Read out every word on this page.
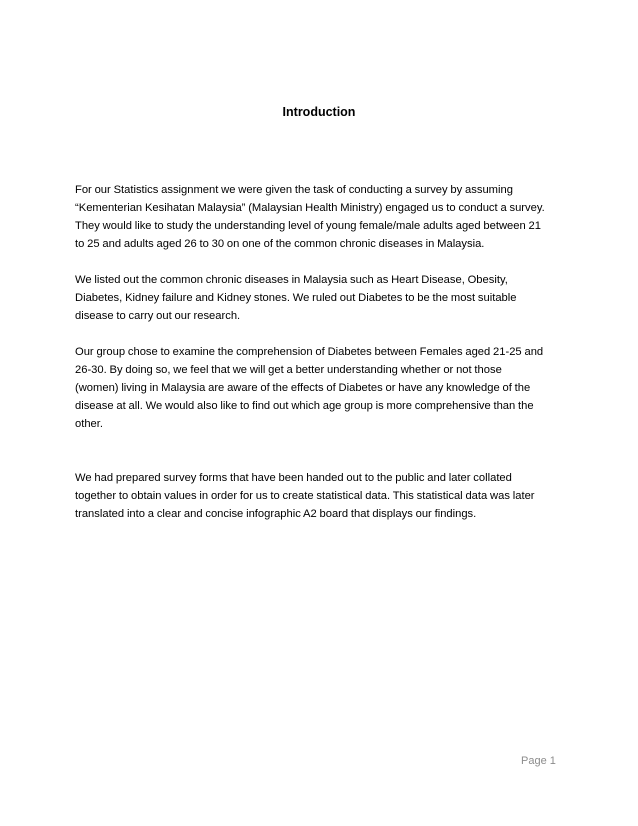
Introduction

For our Statistics assignment we were given the task of conducting a survey by assuming
“Kementerian Kesihatan Malaysia” (Malaysian Health Ministry) engaged us to conduct a survey.
They would like to study the understanding level of young female/male adults aged between 21
to 25 and adults aged 26 to 30 on one of the common chronic diseases in Malaysia.

We listed out the common chronic diseases in Malaysia such as Heart Disease, Obesity,
Diabetes, Kidney failure and Kidney stones. We ruled out Diabetes to be the most suitable
disease to carry out our research.

Our group chose to examine the comprehension of Diabetes between Females aged 21-25 and
26-30. By doing so, we feel that we will get a better understanding whether or not those
(women) living in Malaysia are aware of the effects of Diabetes or have any knowledge of the
disease at all. We would also like to find out which age group is more comprehensive than the
other.

We had prepared survey forms that have been handed out to the public and later collated
together to obtain values in order for us to create statistical data. This statistical data was later
translated into a clear and concise infographic A2 board that displays our findings.

Page 1
